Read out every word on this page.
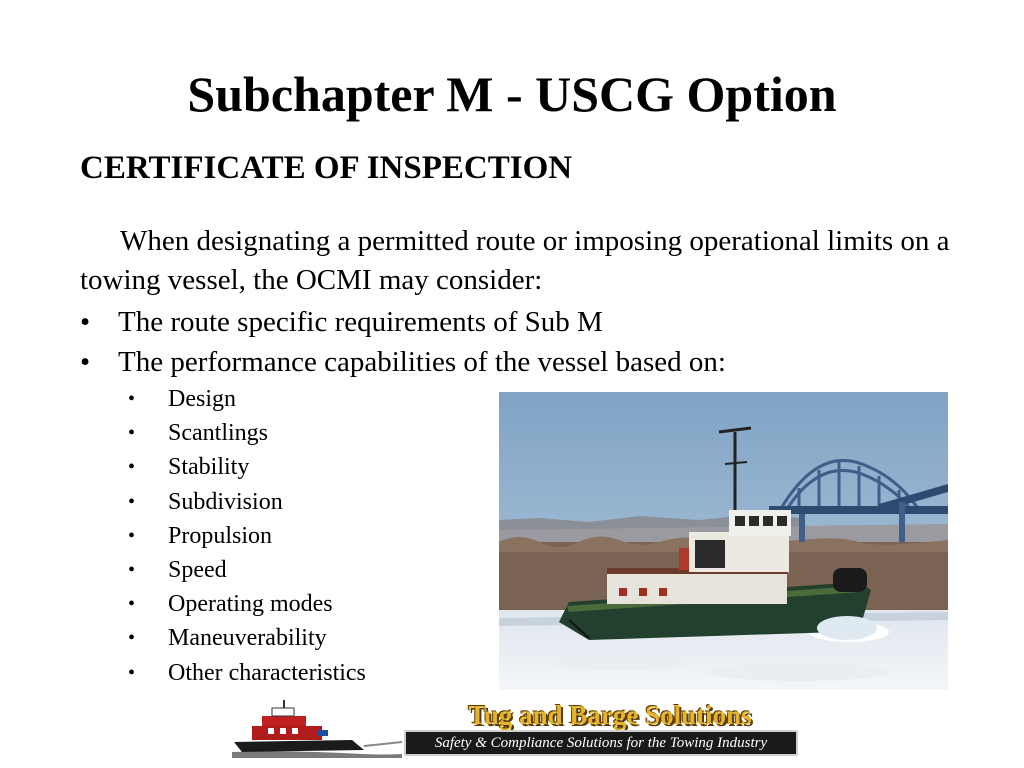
Subchapter M - USCG Option
CERTIFICATE OF INSPECTION

When designating a permitted route or imposing operational limits on a towing vessel, the OCMI may consider:

• The route specific requirements of Sub M
• The performance capabilities of the vessel based on:
• Design
• Scantlings
• Stability
• Subdivision
• Propulsion
• Speed
• Operating modes
• Maneuverability
• Other characteristics
Tug and Barge Solutions
Safety & Compliance Solutions for the Towing Industry
